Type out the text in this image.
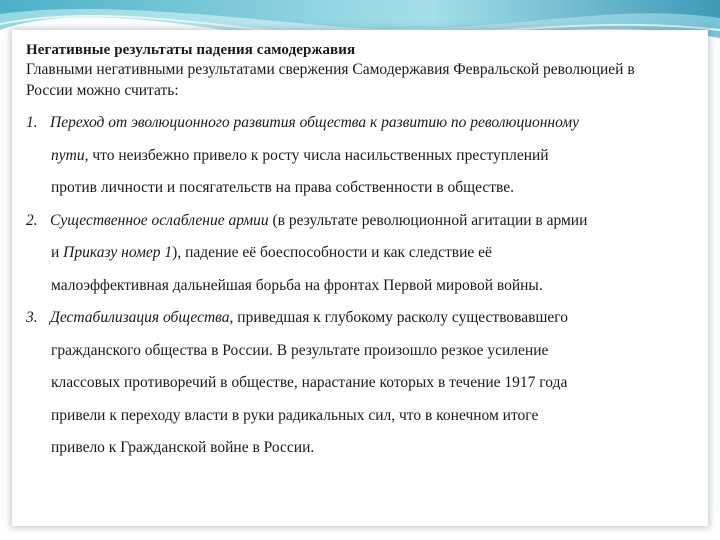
Негативные результаты падения самодержавия

Главными негативными результатами свержения Самодержавия Февральской революцией в России можно считать:

1. Переход от эволюционного развития общества к развитию по революционному
пути, что неизбежно привело к росту числа насильственных преступлений
против личности и посягательств на права собственности в обществе.
2. Существенное ослабление армии (в результате революционной агитации в армии
и Приказу номер 1), падение её боеспособности и как следствие её
малоэффективная дальнейшая борьба на фронтах Первой мировой войны.
3. Дестабилизация общества, приведшая к глубокому расколу существовавшего
гражданского общества в России. В результате произошло резкое усиление
классовых противоречий в обществе, нарастание которых в течение 1917 года
привели к переходу власти в руки радикальных сил, что в конечном итоге
привело к Гражданской войне в России.
